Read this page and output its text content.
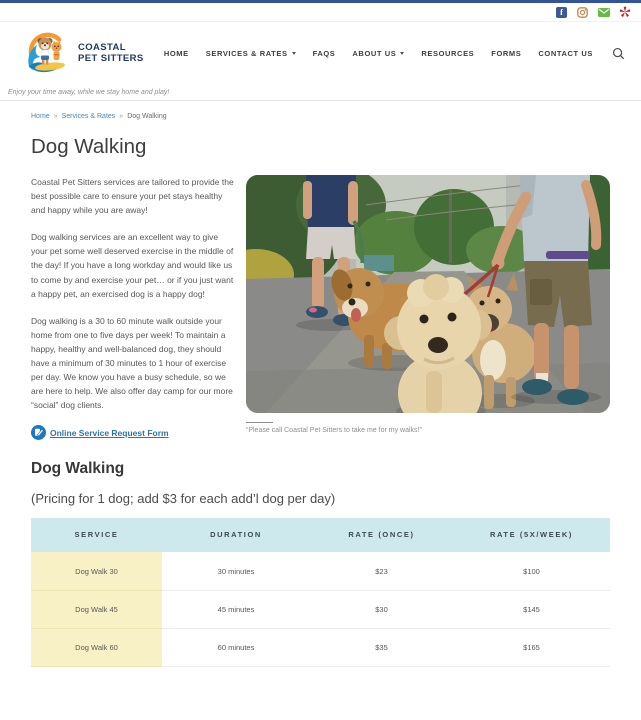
f
COASTAL
PET SITTERS	HOME SERVICES & RATES	FAQS ABOUT US	RESOURCES FORMS CONTACT US
Enjoy your time away, while we stay home and play!
Home » Services & Rates » Dog Walking
Dog Walking

Coastal Pet Sitters services are tailored to provide the best possible care to ensure your pet stays healthy and happy while you are away!

Dog walking services are an excellent way to give your pet some well deserved exercise in the middle of the day! If you have a long workday and would like us to come by and exercise your pet… or if you just want a happy pet, an exercised dog is a happy dog!

Dog walking is a 30 to 60 minute walk outside your home from one to five days per week! To maintain a happy, healthy and well-balanced dog, they should have a minimum of 30 minutes to 1 hour of exercise per day. We know you have a busy schedule, so we are here to help. We also offer day camp for our more “social” dog clients.

Online Service Request Form	“Please call Coastal Pet Sitters to take me for my walks!”
Dog Walking

(Pricing for 1 dog; add $3 for each add’l dog per day)

SERVICE	DURATION	RATE (ONCE)	RATE (5X/WEEK)
Dog Walk 30	30 minutes	$23	$100
Dog Walk 45	45 minutes	$30	$145
Dog Walk 60	60 minutes	$35	$165
